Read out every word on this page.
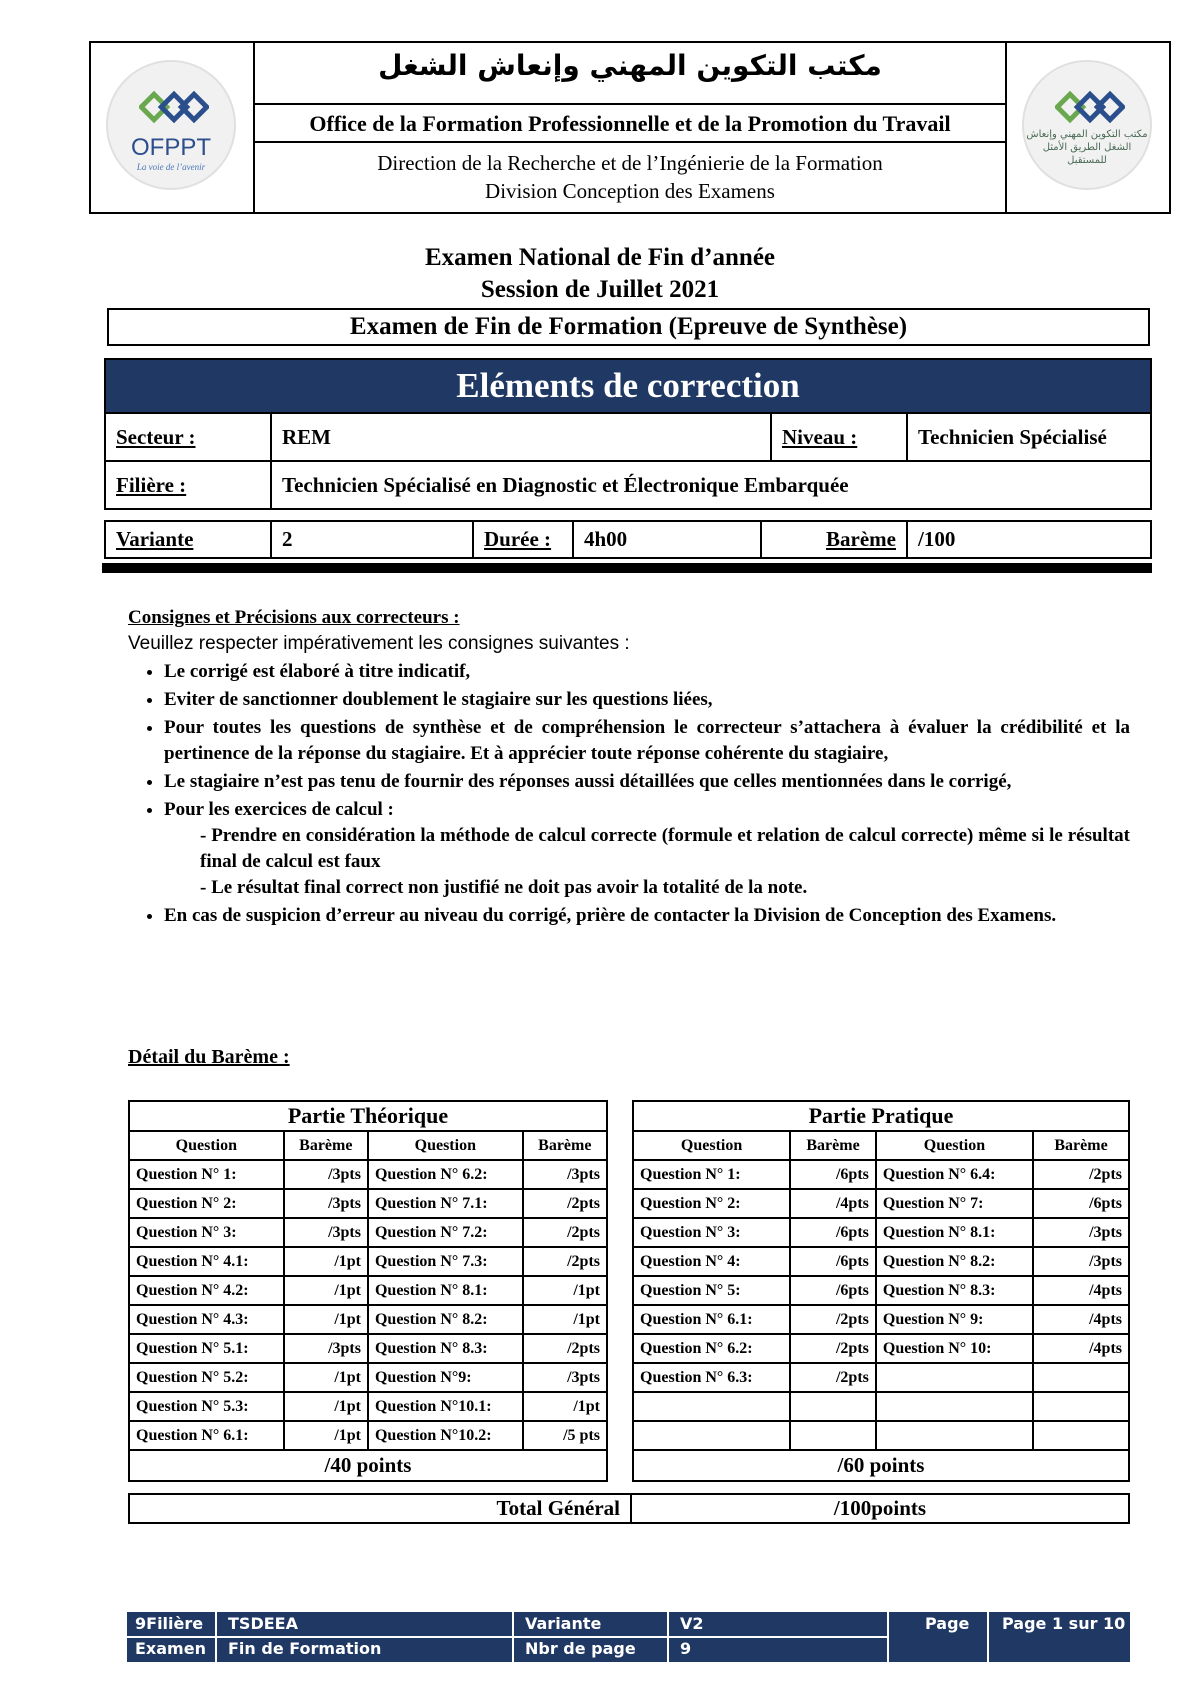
OFPPT
La voie de l’avenir
مكتب التكوين المهني وإنعاش الشغل
Office de la Formation Professionnelle et de la Promotion du Travail
Direction de la Recherche et de l’Ingénierie de la Formation
Division Conception des Examens
مكتب التكوين المهني وإنعاش الشغل الطريق الأمثل للمستقبل
Examen National de Fin d’année
Session de Juillet 2021
Examen de Fin de Formation (Epreuve de Synthèse)
Eléments de correction
Secteur :	REM	Niveau :	Technicien Spécialisé
Filière :	Technicien Spécialisé en Diagnostic et Électronique Embarquée
Variante	2	Durée : 4h00	Barème /100
Consignes et Précisions aux correcteurs :
Veuillez respecter impérativement les consignes suivantes :
• Le corrigé est élaboré à titre indicatif,
• Eviter de sanctionner doublement le stagiaire sur les questions liées,
• Pour toutes les questions de synthèse et de compréhension le correcteur s’attachera à évaluer la crédibilité et la pertinence de la réponse du stagiaire. Et à apprécier toute réponse cohérente du stagiaire,
• Le stagiaire n’est pas tenu de fournir des réponses aussi détaillées que celles mentionnées dans le corrigé,
• Pour les exercices de calcul :
- Prendre en considération la méthode de calcul correcte (formule et relation de calcul correcte) même si le résultat final de calcul est faux
- Le résultat final correct non justifié ne doit pas avoir la totalité de la note.
• En cas de suspicion d’erreur au niveau du corrigé, prière de contacter la Division de Conception des Examens.
Détail du Barème :
Partie Théorique			
Question	Barème	Question	Barème
Question N° 1:	/3pts	Question N° 6.2:	/3pts
Question N° 2:	/3pts	Question N° 7.1:	/2pts
Question N° 3:	/3pts	Question N° 7.2:	/2pts
Question N° 4.1:	/1pt	Question N° 7.3:	/2pts
Question N° 4.2:	/1pt	Question N° 8.1:	/1pt
Question N° 4.3:	/1pt	Question N° 8.2:	/1pt
Question N° 5.1:	/3pts	Question N° 8.3:	/2pts
Question N° 5.2:	/1pt	Question N°9:	/3pts
Question N° 5.3:	/1pt	Question N°10.1:	/1pt
Question N° 6.1:	/1pt	Question N°10.2:	/5 pts
/40 points			
Partie Pratique			
Question	Barème	Question	Barème
Question N° 1:	/6pts	Question N° 6.4:	/2pts
Question N° 2:	/4pts	Question N° 7:	/6pts
Question N° 3:	/6pts	Question N° 8.1:	/3pts
Question N° 4:	/6pts	Question N° 8.2:	/3pts
Question N° 5:	/6pts	Question N° 8.3:	/4pts
Question N° 6.1:	/2pts	Question N° 9:	/4pts
Question N° 6.2:	/2pts	Question N° 10:	/4pts
Question N° 6.3:	/2pts		

/60 points			
Total Général	/100points
9Filière	TSDEEA	Variante	V2	Page	Page 1 sur 10
Examen	Fin de Formation	Nbr de page	9
